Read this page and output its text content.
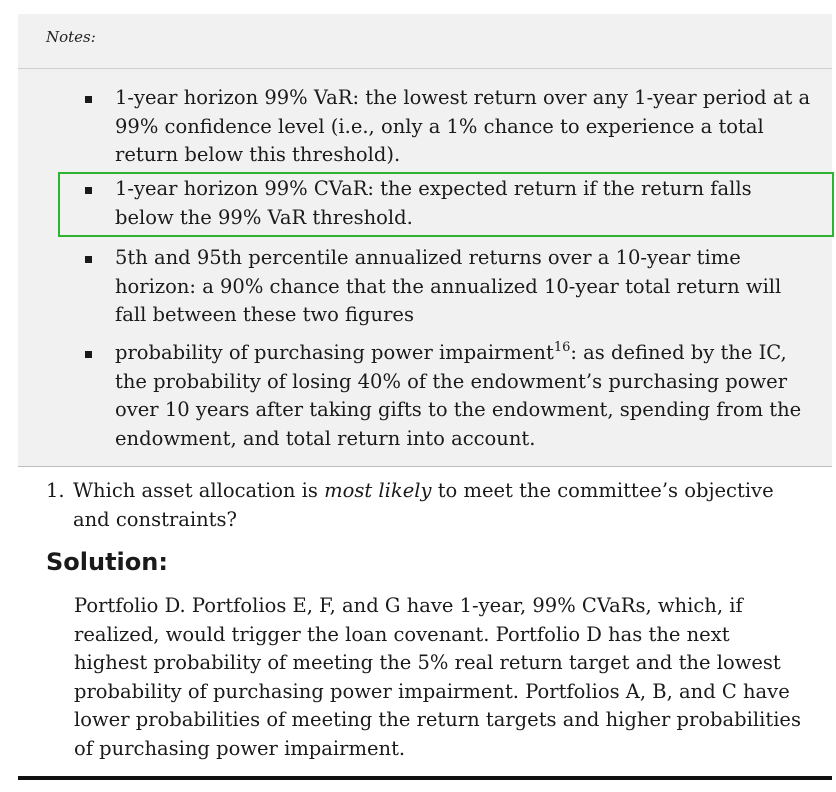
Notes:
1-year horizon 99% VaR: the lowest return over any 1-year period at a 99% confidence level (i.e., only a 1% chance to experience a total return below this threshold).
1-year horizon 99% CVaR: the expected return if the return falls below the 99% VaR threshold.
5th and 95th percentile annualized returns over a 10-year time horizon: a 90% chance that the annualized 10-year total return will fall between these two figures
probability of purchasing power impairment$^{16}$: as defined by the IC, the probability of losing 40% of the endowment’s purchasing power over 10 years after taking gifts to the endowment, spending from the endowment, and total return into account.
1. Which asset allocation is most likely to meet the committee’s objective and constraints?
Solution:
Portfolio D. Portfolios E, F, and G have 1-year, 99% CVaRs, which, if realized, would trigger the loan covenant. Portfolio D has the next highest probability of meeting the 5% real return target and the lowest probability of purchasing power impairment. Portfolios A, B, and C have lower probabilities of meeting the return targets and higher probabilities of purchasing power impairment.
